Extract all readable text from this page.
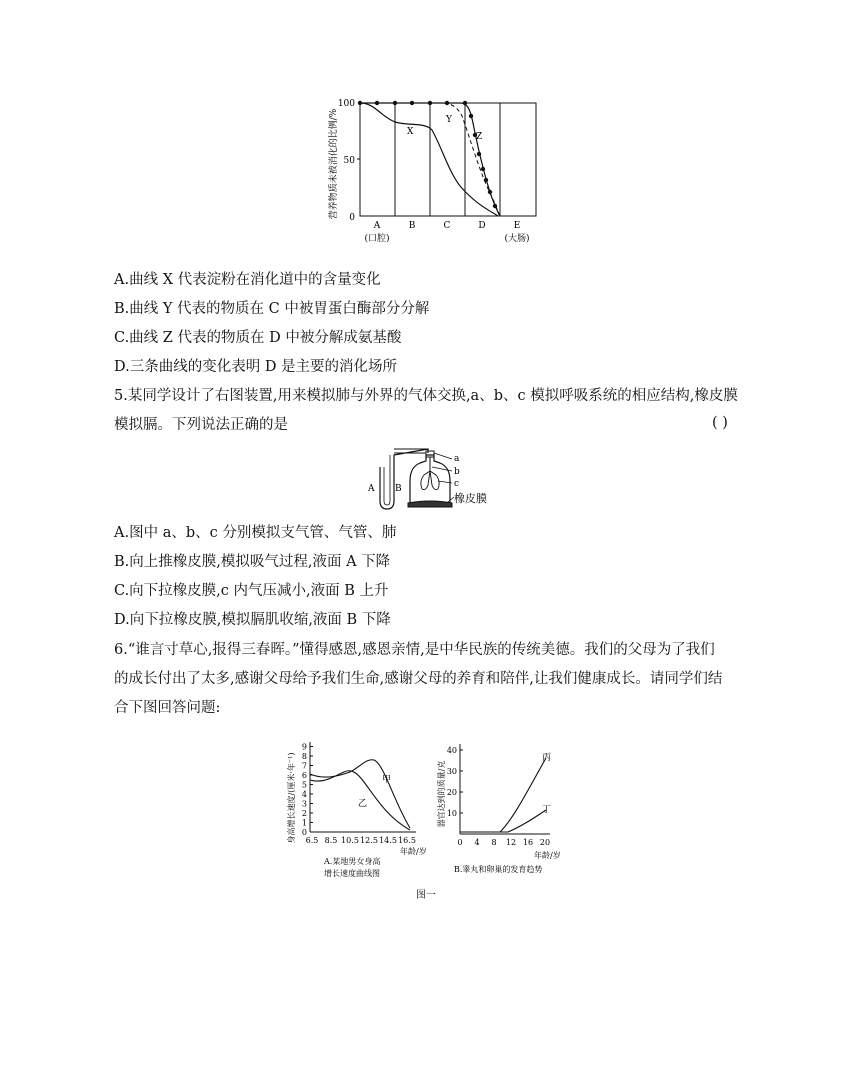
营养物质未被消化的比例/%
100
50
0
X
Y
Z
A	B	C	D	E
(口腔)	(大肠)
A.曲线 X 代表淀粉在消化道中的含量变化
B.曲线 Y 代表的物质在 C 中被胃蛋白酶部分分解
C.曲线 Z 代表的物质在 D 中被分解成氨基酸
D.三条曲线的变化表明 D 是主要的消化场所
5.某同学设计了右图装置,用来模拟肺与外界的气体交换,a、b、c 模拟呼吸系统的相应结构,橡皮膜
模拟膈。下列说法正确的是	( )
A B
a
b
c
橡皮膜
A.图中 a、b、c 分别模拟支气管、气管、肺
B.向上推橡皮膜,模拟吸气过程,液面 A 下降
C.向下拉橡皮膜,c 内气压减小,液面 B 上升
D.向下拉橡皮膜,模拟膈肌收缩,液面 B 下降
6.“谁言寸草心,报得三春晖。”懂得感恩,感恩亲情,是中华民族的传统美德。我们的父母为了我们
的成长付出了太多,感谢父母给予我们生命,感谢父母的养育和陪伴,让我们健康成长。请同学们结
合下图回答问题:
身高增长速度/(厘米·年⁻¹) 0
1
2
3
4
5
6
7
8
9
6.5 8.5 10.5 12.5 14.5 16.5
甲
乙
年龄/岁
A.某地男女身高
增长速度曲线图
器官达到的质量/克 10
20
30
40
0 4 8 12 16 20
丙
丁
年龄/岁
B.睾丸和卵巢的发育趋势
图一
